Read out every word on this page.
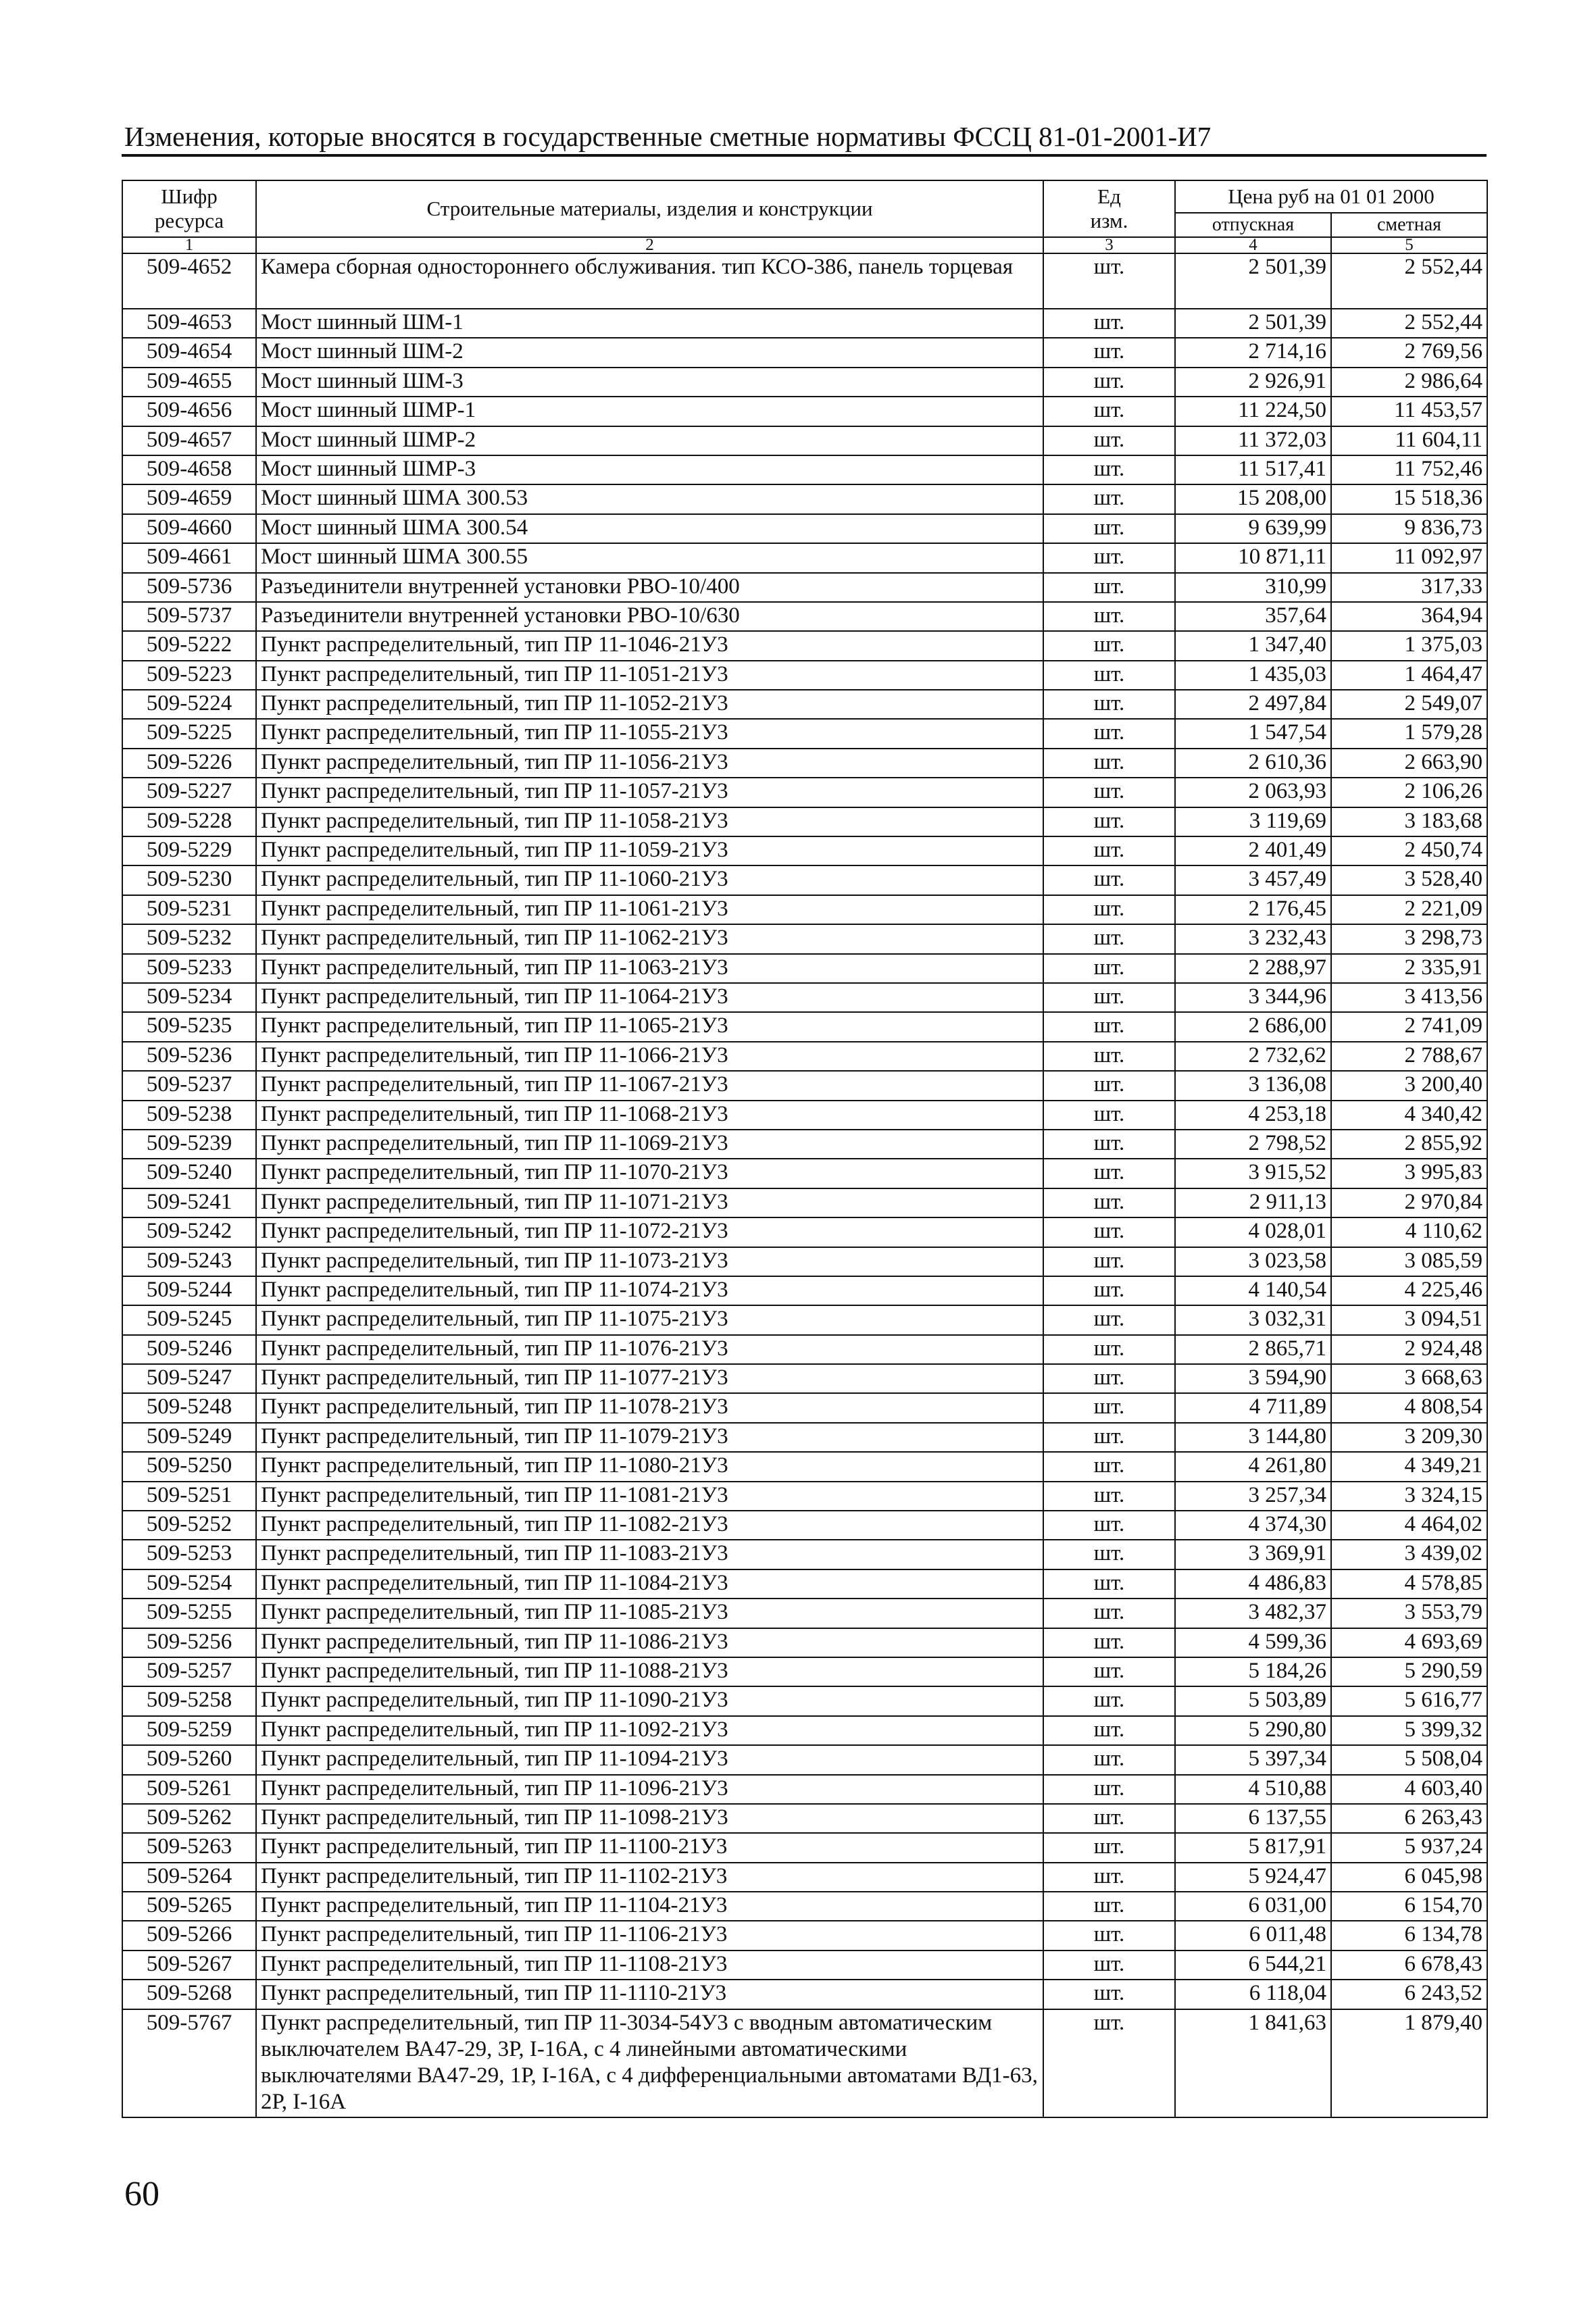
Изменения, которые вносятся в государственные сметные нормативы ФССЦ 81-01-2001-И7
Шифр
ресурса	Строительные материалы, изделия и конструкции	Ед
изм.	Цена руб на 01 01 2000	
			отпускная	сметная
1	2	3	4	5
509-4652	Камера сборная одностороннего обслуживания. тип КСО-386, панель торцевая	шт.	2 501,39	2 552,44
509-4653	Мост шинный ШМ-1	шт.	2 501,39	2 552,44
509-4654	Мост шинный ШМ-2	шт.	2 714,16	2 769,56
509-4655	Мост шинный ШМ-3	шт.	2 926,91	2 986,64
509-4656	Мост шинный ШМР-1	шт.	11 224,50	11 453,57
509-4657	Мост шинный ШМР-2	шт.	11 372,03	11 604,11
509-4658	Мост шинный ШМР-3	шт.	11 517,41	11 752,46
509-4659	Мост шинный ШМА 300.53	шт.	15 208,00	15 518,36
509-4660	Мост шинный ШМА 300.54	шт.	9 639,99	9 836,73
509-4661	Мост шинный ШМА 300.55	шт.	10 871,11	11 092,97
509-5736	Разъединители внутренней установки РВО-10/400	шт.	310,99	317,33
509-5737	Разъединители внутренней установки РВО-10/630	шт.	357,64	364,94
509-5222	Пункт распределительный, тип ПР 11-1046-21У3	шт.	1 347,40	1 375,03
509-5223	Пункт распределительный, тип ПР 11-1051-21У3	шт.	1 435,03	1 464,47
509-5224	Пункт распределительный, тип ПР 11-1052-21У3	шт.	2 497,84	2 549,07
509-5225	Пункт распределительный, тип ПР 11-1055-21У3	шт.	1 547,54	1 579,28
509-5226	Пункт распределительный, тип ПР 11-1056-21У3	шт.	2 610,36	2 663,90
509-5227	Пункт распределительный, тип ПР 11-1057-21У3	шт.	2 063,93	2 106,26
509-5228	Пункт распределительный, тип ПР 11-1058-21У3	шт.	3 119,69	3 183,68
509-5229	Пункт распределительный, тип ПР 11-1059-21У3	шт.	2 401,49	2 450,74
509-5230	Пункт распределительный, тип ПР 11-1060-21У3	шт.	3 457,49	3 528,40
509-5231	Пункт распределительный, тип ПР 11-1061-21У3	шт.	2 176,45	2 221,09
509-5232	Пункт распределительный, тип ПР 11-1062-21У3	шт.	3 232,43	3 298,73
509-5233	Пункт распределительный, тип ПР 11-1063-21У3	шт.	2 288,97	2 335,91
509-5234	Пункт распределительный, тип ПР 11-1064-21У3	шт.	3 344,96	3 413,56
509-5235	Пункт распределительный, тип ПР 11-1065-21У3	шт.	2 686,00	2 741,09
509-5236	Пункт распределительный, тип ПР 11-1066-21У3	шт.	2 732,62	2 788,67
509-5237	Пункт распределительный, тип ПР 11-1067-21У3	шт.	3 136,08	3 200,40
509-5238	Пункт распределительный, тип ПР 11-1068-21У3	шт.	4 253,18	4 340,42
509-5239	Пункт распределительный, тип ПР 11-1069-21У3	шт.	2 798,52	2 855,92
509-5240	Пункт распределительный, тип ПР 11-1070-21У3	шт.	3 915,52	3 995,83
509-5241	Пункт распределительный, тип ПР 11-1071-21У3	шт.	2 911,13	2 970,84
509-5242	Пункт распределительный, тип ПР 11-1072-21У3	шт.	4 028,01	4 110,62
509-5243	Пункт распределительный, тип ПР 11-1073-21У3	шт.	3 023,58	3 085,59
509-5244	Пункт распределительный, тип ПР 11-1074-21У3	шт.	4 140,54	4 225,46
509-5245	Пункт распределительный, тип ПР 11-1075-21У3	шт.	3 032,31	3 094,51
509-5246	Пункт распределительный, тип ПР 11-1076-21У3	шт.	2 865,71	2 924,48
509-5247	Пункт распределительный, тип ПР 11-1077-21У3	шт.	3 594,90	3 668,63
509-5248	Пункт распределительный, тип ПР 11-1078-21У3	шт.	4 711,89	4 808,54
509-5249	Пункт распределительный, тип ПР 11-1079-21У3	шт.	3 144,80	3 209,30
509-5250	Пункт распределительный, тип ПР 11-1080-21У3	шт.	4 261,80	4 349,21
509-5251	Пункт распределительный, тип ПР 11-1081-21У3	шт.	3 257,34	3 324,15
509-5252	Пункт распределительный, тип ПР 11-1082-21У3	шт.	4 374,30	4 464,02
509-5253	Пункт распределительный, тип ПР 11-1083-21У3	шт.	3 369,91	3 439,02
509-5254	Пункт распределительный, тип ПР 11-1084-21У3	шт.	4 486,83	4 578,85
509-5255	Пункт распределительный, тип ПР 11-1085-21У3	шт.	3 482,37	3 553,79
509-5256	Пункт распределительный, тип ПР 11-1086-21У3	шт.	4 599,36	4 693,69
509-5257	Пункт распределительный, тип ПР 11-1088-21У3	шт.	5 184,26	5 290,59
509-5258	Пункт распределительный, тип ПР 11-1090-21У3	шт.	5 503,89	5 616,77
509-5259	Пункт распределительный, тип ПР 11-1092-21У3	шт.	5 290,80	5 399,32
509-5260	Пункт распределительный, тип ПР 11-1094-21У3	шт.	5 397,34	5 508,04
509-5261	Пункт распределительный, тип ПР 11-1096-21У3	шт.	4 510,88	4 603,40
509-5262	Пункт распределительный, тип ПР 11-1098-21У3	шт.	6 137,55	6 263,43
509-5263	Пункт распределительный, тип ПР 11-1100-21У3	шт.	5 817,91	5 937,24
509-5264	Пункт распределительный, тип ПР 11-1102-21У3	шт.	5 924,47	6 045,98
509-5265	Пункт распределительный, тип ПР 11-1104-21У3	шт.	6 031,00	6 154,70
509-5266	Пункт распределительный, тип ПР 11-1106-21У3	шт.	6 011,48	6 134,78
509-5267	Пункт распределительный, тип ПР 11-1108-21У3	шт.	6 544,21	6 678,43
509-5268	Пункт распределительный, тип ПР 11-1110-21У3	шт.	6 118,04	6 243,52
509-5767	Пункт распределительный, тип ПР 11-3034-54У3 с вводным автоматическим выключателем ВА47-29, 3Р, I-16А, с 4 линейными автоматическими выключателями ВА47-29, 1Р, I-16А, с 4 дифференциальными автоматами ВД1-63, 2Р, I-16А	шт.	1 841,63	1 879,40
60
